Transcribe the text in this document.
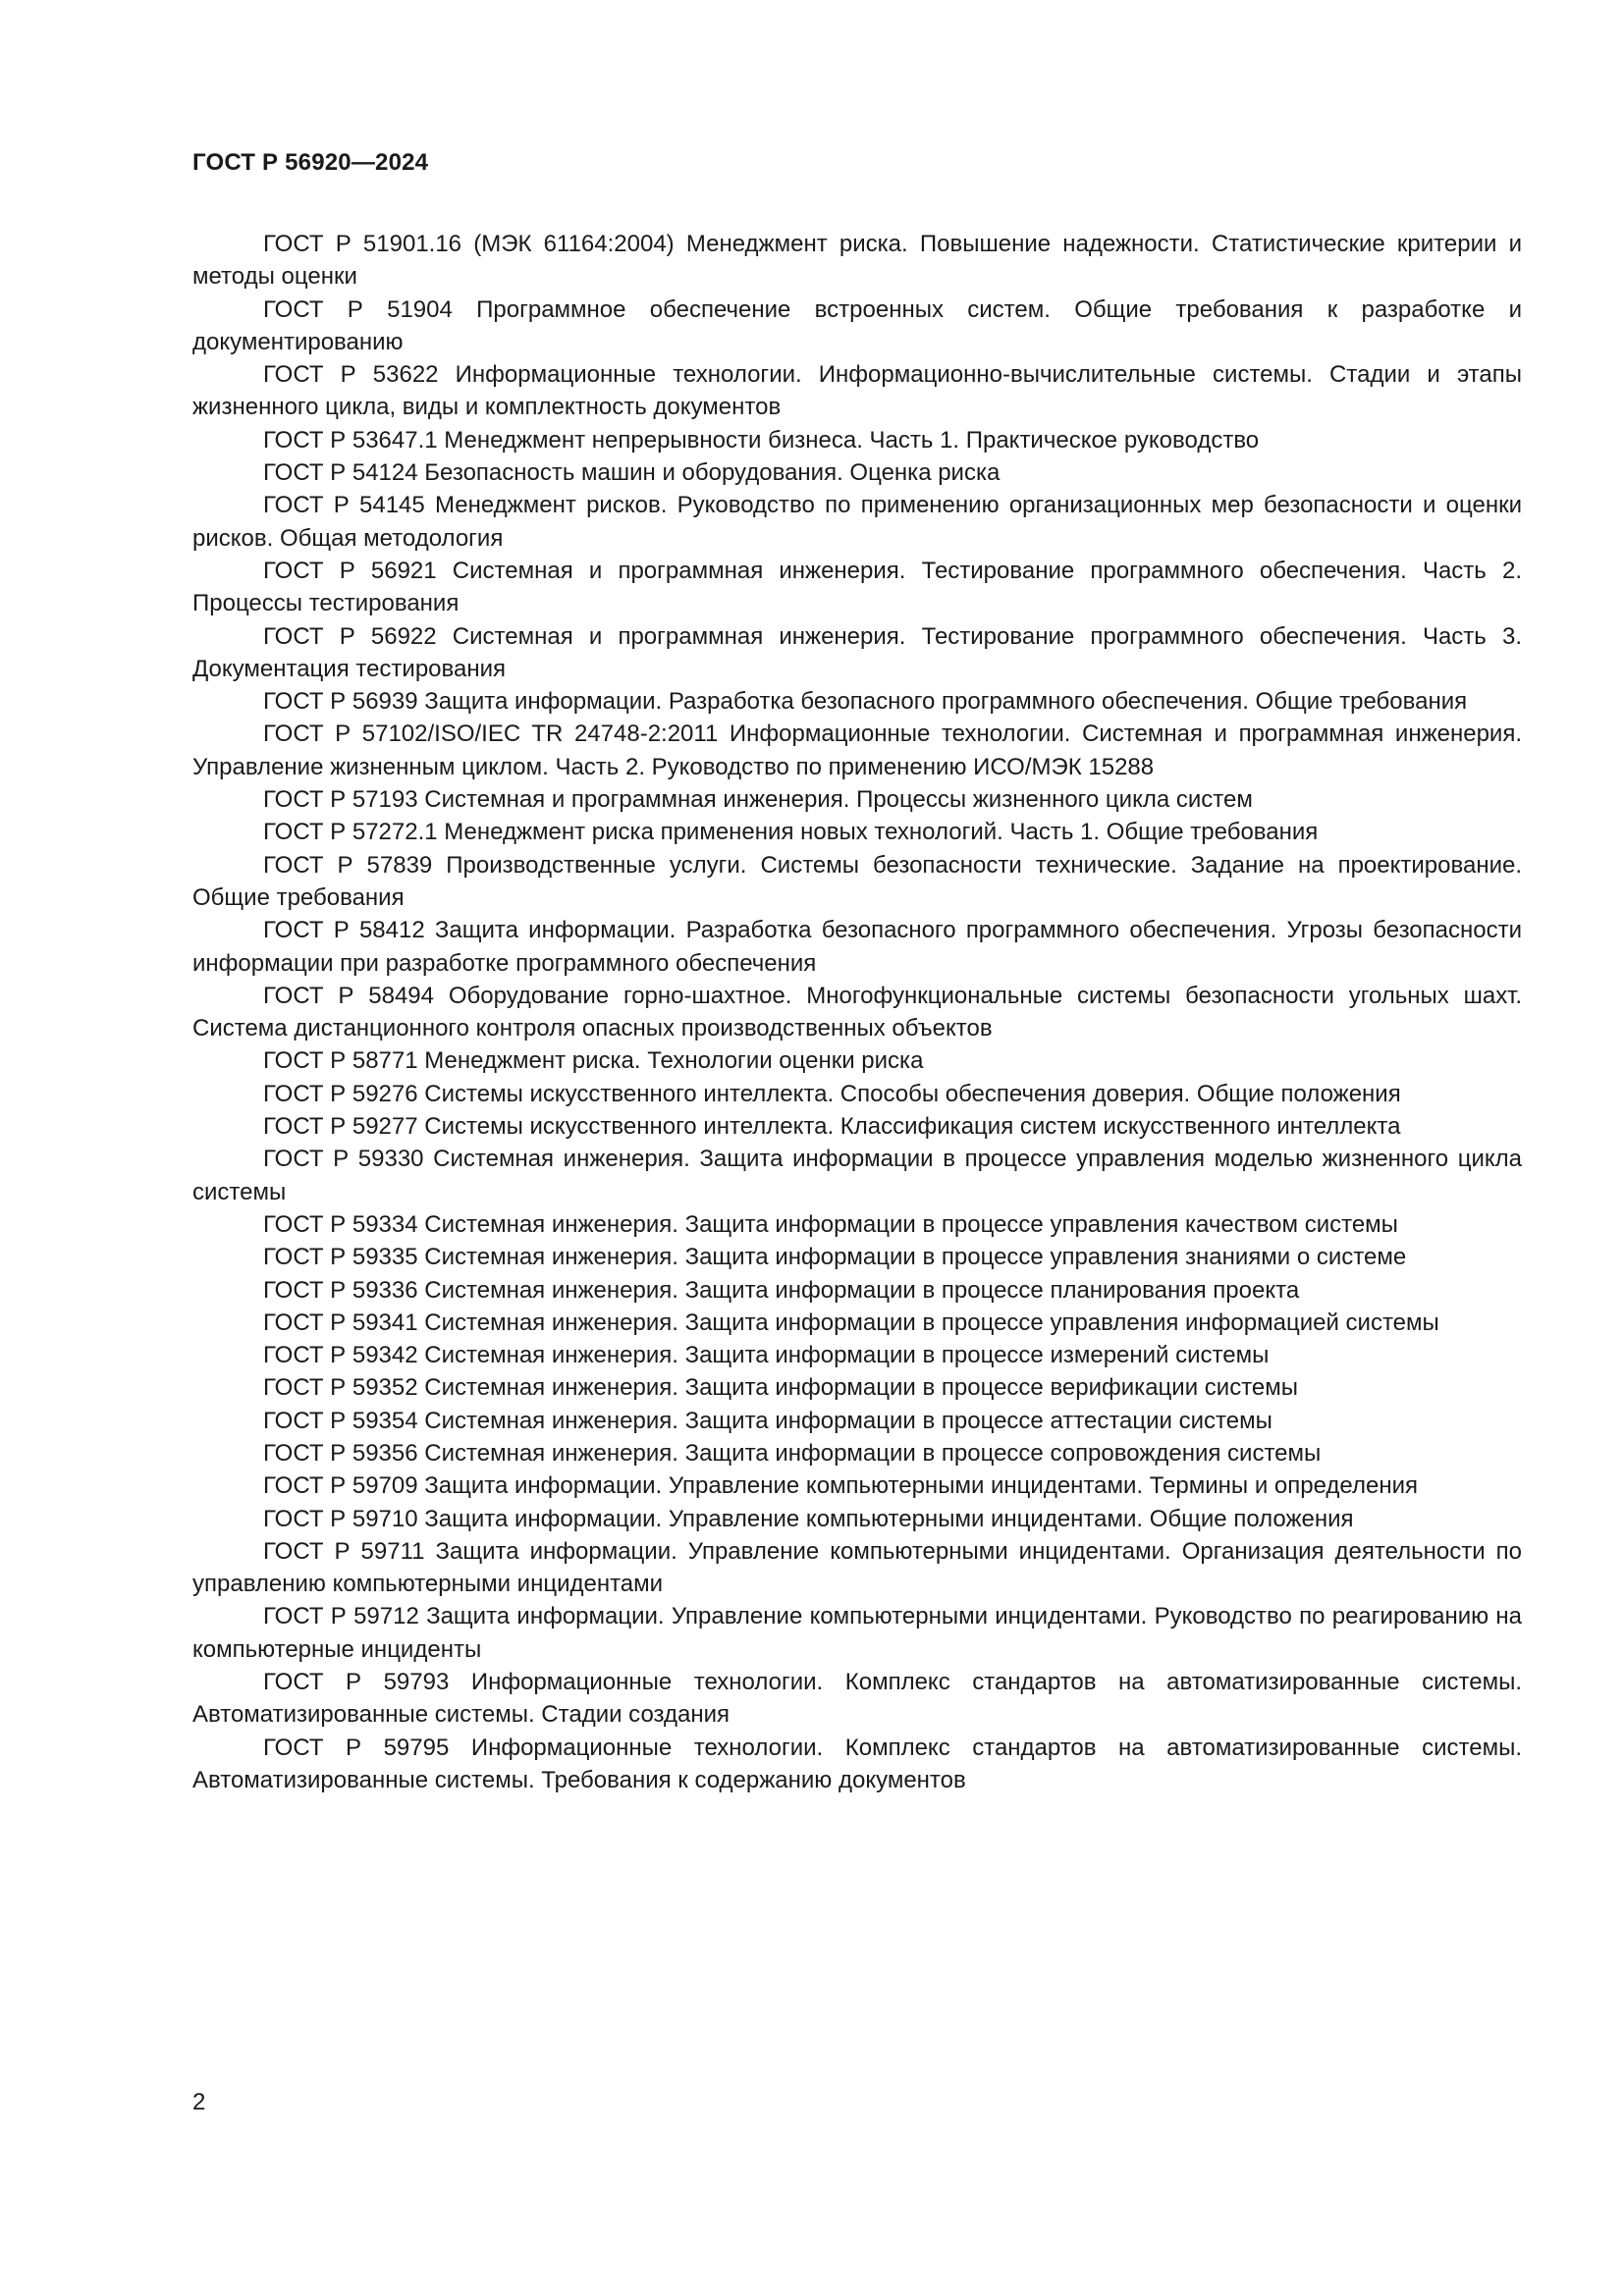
ГОСТ Р 56920—2024

ГОСТ Р 51901.16 (МЭК 61164:2004) Менеджмент риска. Повышение надежности. Статистические критерии и методы оценки

ГОСТ Р 51904 Программное обеспечение встроенных систем. Общие требования к разработке и документированию

ГОСТ Р 53622 Информационные технологии. Информационно-вычислительные системы. Стадии и этапы жизненного цикла, виды и комплектность документов

ГОСТ Р 53647.1 Менеджмент непрерывности бизнеса. Часть 1. Практическое руководство

ГОСТ Р 54124 Безопасность машин и оборудования. Оценка риска

ГОСТ Р 54145 Менеджмент рисков. Руководство по применению организационных мер безопасности и оценки рисков. Общая методология

ГОСТ Р 56921 Системная и программная инженерия. Тестирование программного обеспечения. Часть 2. Процессы тестирования

ГОСТ Р 56922 Системная и программная инженерия. Тестирование программного обеспечения. Часть 3. Документация тестирования

ГОСТ Р 56939 Защита информации. Разработка безопасного программного обеспечения. Общие требования

ГОСТ Р 57102/ISO/IEC TR 24748-2:2011 Информационные технологии. Системная и программная инженерия. Управление жизненным циклом. Часть 2. Руководство по применению ИСО/МЭК 15288

ГОСТ Р 57193 Системная и программная инженерия. Процессы жизненного цикла систем

ГОСТ Р 57272.1 Менеджмент риска применения новых технологий. Часть 1. Общие требования

ГОСТ Р 57839 Производственные услуги. Системы безопасности технические. Задание на проектирование. Общие требования

ГОСТ Р 58412 Защита информации. Разработка безопасного программного обеспечения. Угрозы безопасности информации при разработке программного обеспечения

ГОСТ Р 58494 Оборудование горно-шахтное. Многофункциональные системы безопасности угольных шахт. Система дистанционного контроля опасных производственных объектов

ГОСТ Р 58771 Менеджмент риска. Технологии оценки риска

ГОСТ Р 59276 Системы искусственного интеллекта. Способы обеспечения доверия. Общие положения

ГОСТ Р 59277 Системы искусственного интеллекта. Классификация систем искусственного интеллекта

ГОСТ Р 59330 Системная инженерия. Защита информации в процессе управления моделью жизненного цикла системы

ГОСТ Р 59334 Системная инженерия. Защита информации в процессе управления качеством системы

ГОСТ Р 59335 Системная инженерия. Защита информации в процессе управления знаниями о системе

ГОСТ Р 59336 Системная инженерия. Защита информации в процессе планирования проекта

ГОСТ Р 59341 Системная инженерия. Защита информации в процессе управления информацией системы

ГОСТ Р 59342 Системная инженерия. Защита информации в процессе измерений системы

ГОСТ Р 59352 Системная инженерия. Защита информации в процессе верификации системы

ГОСТ Р 59354 Системная инженерия. Защита информации в процессе аттестации системы

ГОСТ Р 59356 Системная инженерия. Защита информации в процессе сопровождения системы

ГОСТ Р 59709 Защита информации. Управление компьютерными инцидентами. Термины и определения

ГОСТ Р 59710 Защита информации. Управление компьютерными инцидентами. Общие положения

ГОСТ Р 59711 Защита информации. Управление компьютерными инцидентами. Организация деятельности по управлению компьютерными инцидентами

ГОСТ Р 59712 Защита информации. Управление компьютерными инцидентами. Руководство по реагированию на компьютерные инциденты

ГОСТ Р 59793 Информационные технологии. Комплекс стандартов на автоматизированные системы. Автоматизированные системы. Стадии создания

ГОСТ Р 59795 Информационные технологии. Комплекс стандартов на автоматизированные системы. Автоматизированные системы. Требования к содержанию документов

2
